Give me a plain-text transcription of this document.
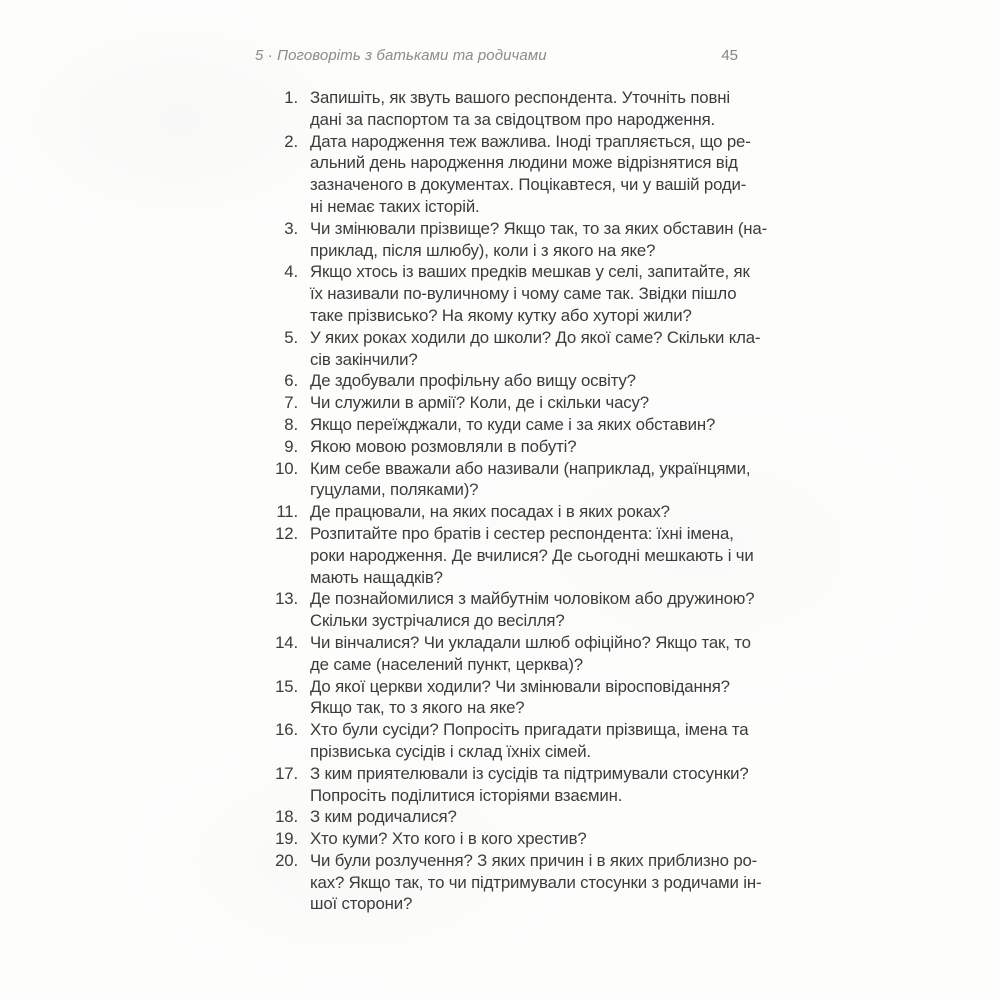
5 · Поговоріть з батьками та родичами	45
1. Запишіть, як звуть вашого респондента. Уточніть повні
дані за паспортом та за свідоцтвом про народження.
2. Дата народження теж важлива. Іноді трапляється, що ре-
альний день народження людини може відрізнятися від
зазначеного в документах. Поцікавтеся, чи у вашій роди-
ні немає таких історій.
3. Чи змінювали прізвище? Якщо так, то за яких обставин (на-
приклад, після шлюбу), коли і з якого на яке?
4. Якщо хтось із ваших предків мешкав у селі, запитайте, як
їх називали по-вуличному і чому саме так. Звідки пішло
таке прізвисько? На якому кутку або хуторі жили?
5. У яких роках ходили до школи? До якої саме? Скільки кла-
сів закінчили?
6. Де здобували профільну або вищу освіту?
7. Чи служили в армії? Коли, де і скільки часу?
8. Якщо переїжджали, то куди саме і за яких обставин?
9. Якою мовою розмовляли в побуті?
10. Ким себе вважали або називали (наприклад, українцями,
гуцулами, поляками)?
11. Де працювали, на яких посадах і в яких роках?
12. Розпитайте про братів і сестер респондента: їхні імена,
роки народження. Де вчилися? Де сьогодні мешкають і чи
мають нащадків?
13. Де познайомилися з майбутнім чоловіком або дружиною?
Скільки зустрічалися до весілля?
14. Чи вінчалися? Чи укладали шлюб офіційно? Якщо так, то
де саме (населений пункт, церква)?
15. До якої церкви ходили? Чи змінювали віросповідання?
Якщо так, то з якого на яке?
16. Хто були сусіди? Попросіть пригадати прізвища, імена та
прізвиська сусідів і склад їхніх сімей.
17. З ким приятелювали із сусідів та підтримували стосунки?
Попросіть поділитися історіями взаємин.
18. З ким родичалися?
19. Хто куми? Хто кого і в кого хрестив?
20. Чи були розлучення? З яких причин і в яких приблизно ро-
ках? Якщо так, то чи підтримували стосунки з родичами ін-
шої сторони?
